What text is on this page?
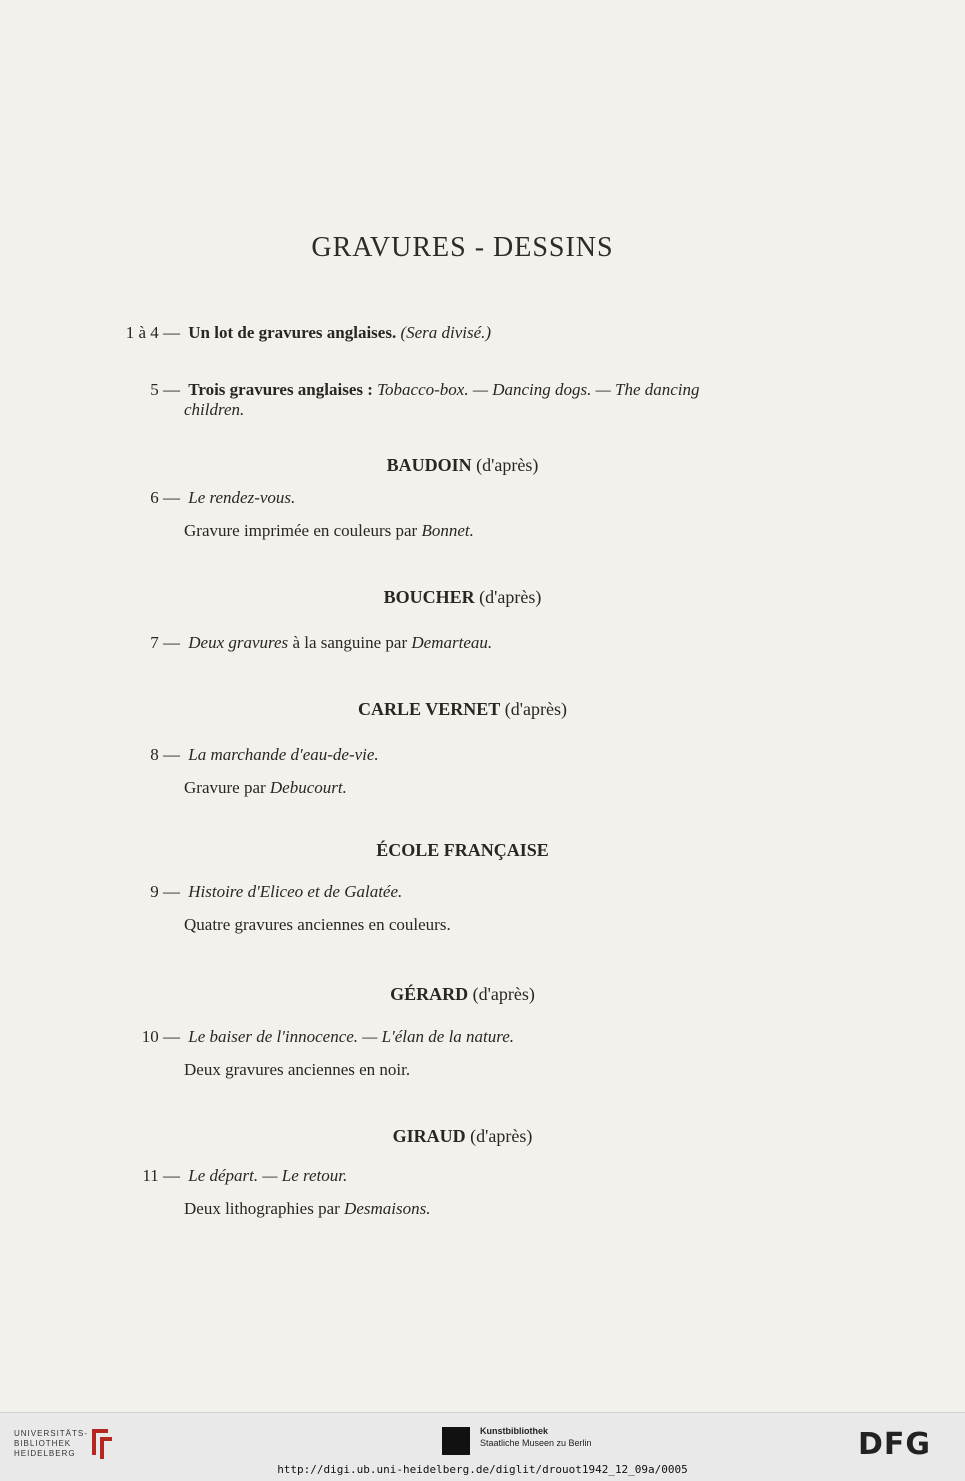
GRAVURES - DESSINS
1 à 4 — Un lot de gravures anglaises. (Sera divisé.)
5 — Trois gravures anglaises : Tobacco-box. — Dancing dogs. — The dancing
children.
BAUDOIN (d'après)
6 — Le rendez-vous.
Gravure imprimée en couleurs par Bonnet.
BOUCHER (d'après)
7 — Deux gravures à la sanguine par Demarteau.
CARLE VERNET (d'après)
8 — La marchande d'eau-de-vie.
Gravure par Debucourt.
ÉCOLE FRANÇAISE
9 — Histoire d'Eliceo et de Galatée.
Quatre gravures anciennes en couleurs.
GÉRARD (d'après)
10 — Le baiser de l'innocence. — L'élan de la nature.
Deux gravures anciennes en noir.
GIRAUD (d'après)
11 — Le départ. — Le retour.
Deux lithographies par Desmaisons.
UNIVERSITÄTS-
BIBLIOTHEK
HEIDELBERG
Kunstbibliothek
Staatliche Museen zu Berlin	DFG
http://digi.ub.uni-heidelberg.de/diglit/drouot1942_12_09a/0005
